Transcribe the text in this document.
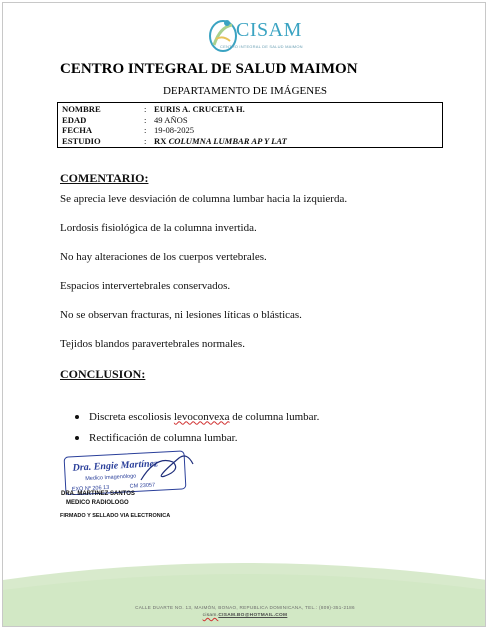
CISAM
CENTRO INTEGRAL DE SALUD MAIMON
CENTRO INTEGRAL DE SALUD MAIMON
DEPARTAMENTO DE IMÁGENES
NOMBRE	: EURIS A. CRUCETA H.
EDAD	: 49 AÑOS
FECHA	: 19-08-2025
ESTUDIO	: RX COLUMNA LUMBAR AP Y LAT
COMENTARIO:
Se aprecia leve desviación de columna lumbar hacia la izquierda.
Lordosis fisiológica de la columna invertida.
No hay alteraciones de los cuerpos vertebrales.
Espacios intervertebrales conservados.
No se observan fracturas, ni lesiones líticas o blásticas.
Tejidos blandos paravertebrales normales.
CONCLUSION:
Discreta escoliosis levoconvexa de columna lumbar.
Rectificación de columna lumbar.
Dra. Engie Martínez
Medico Imagenólogo
EXQ Nº 206 13	CM 23057
DRA. MARTINEZ SANTOS
MEDICO RADIOLOGO
FIRMADO Y SELLADO VIA ELECTRONICA
CALLE DUARTE NO. 13, MAIMÓN, BONAO, REPUBLICA DOMINICANA, TEL.: (809)-351-2186
cisam.CISAM.BO@HOTMAIL.COM
